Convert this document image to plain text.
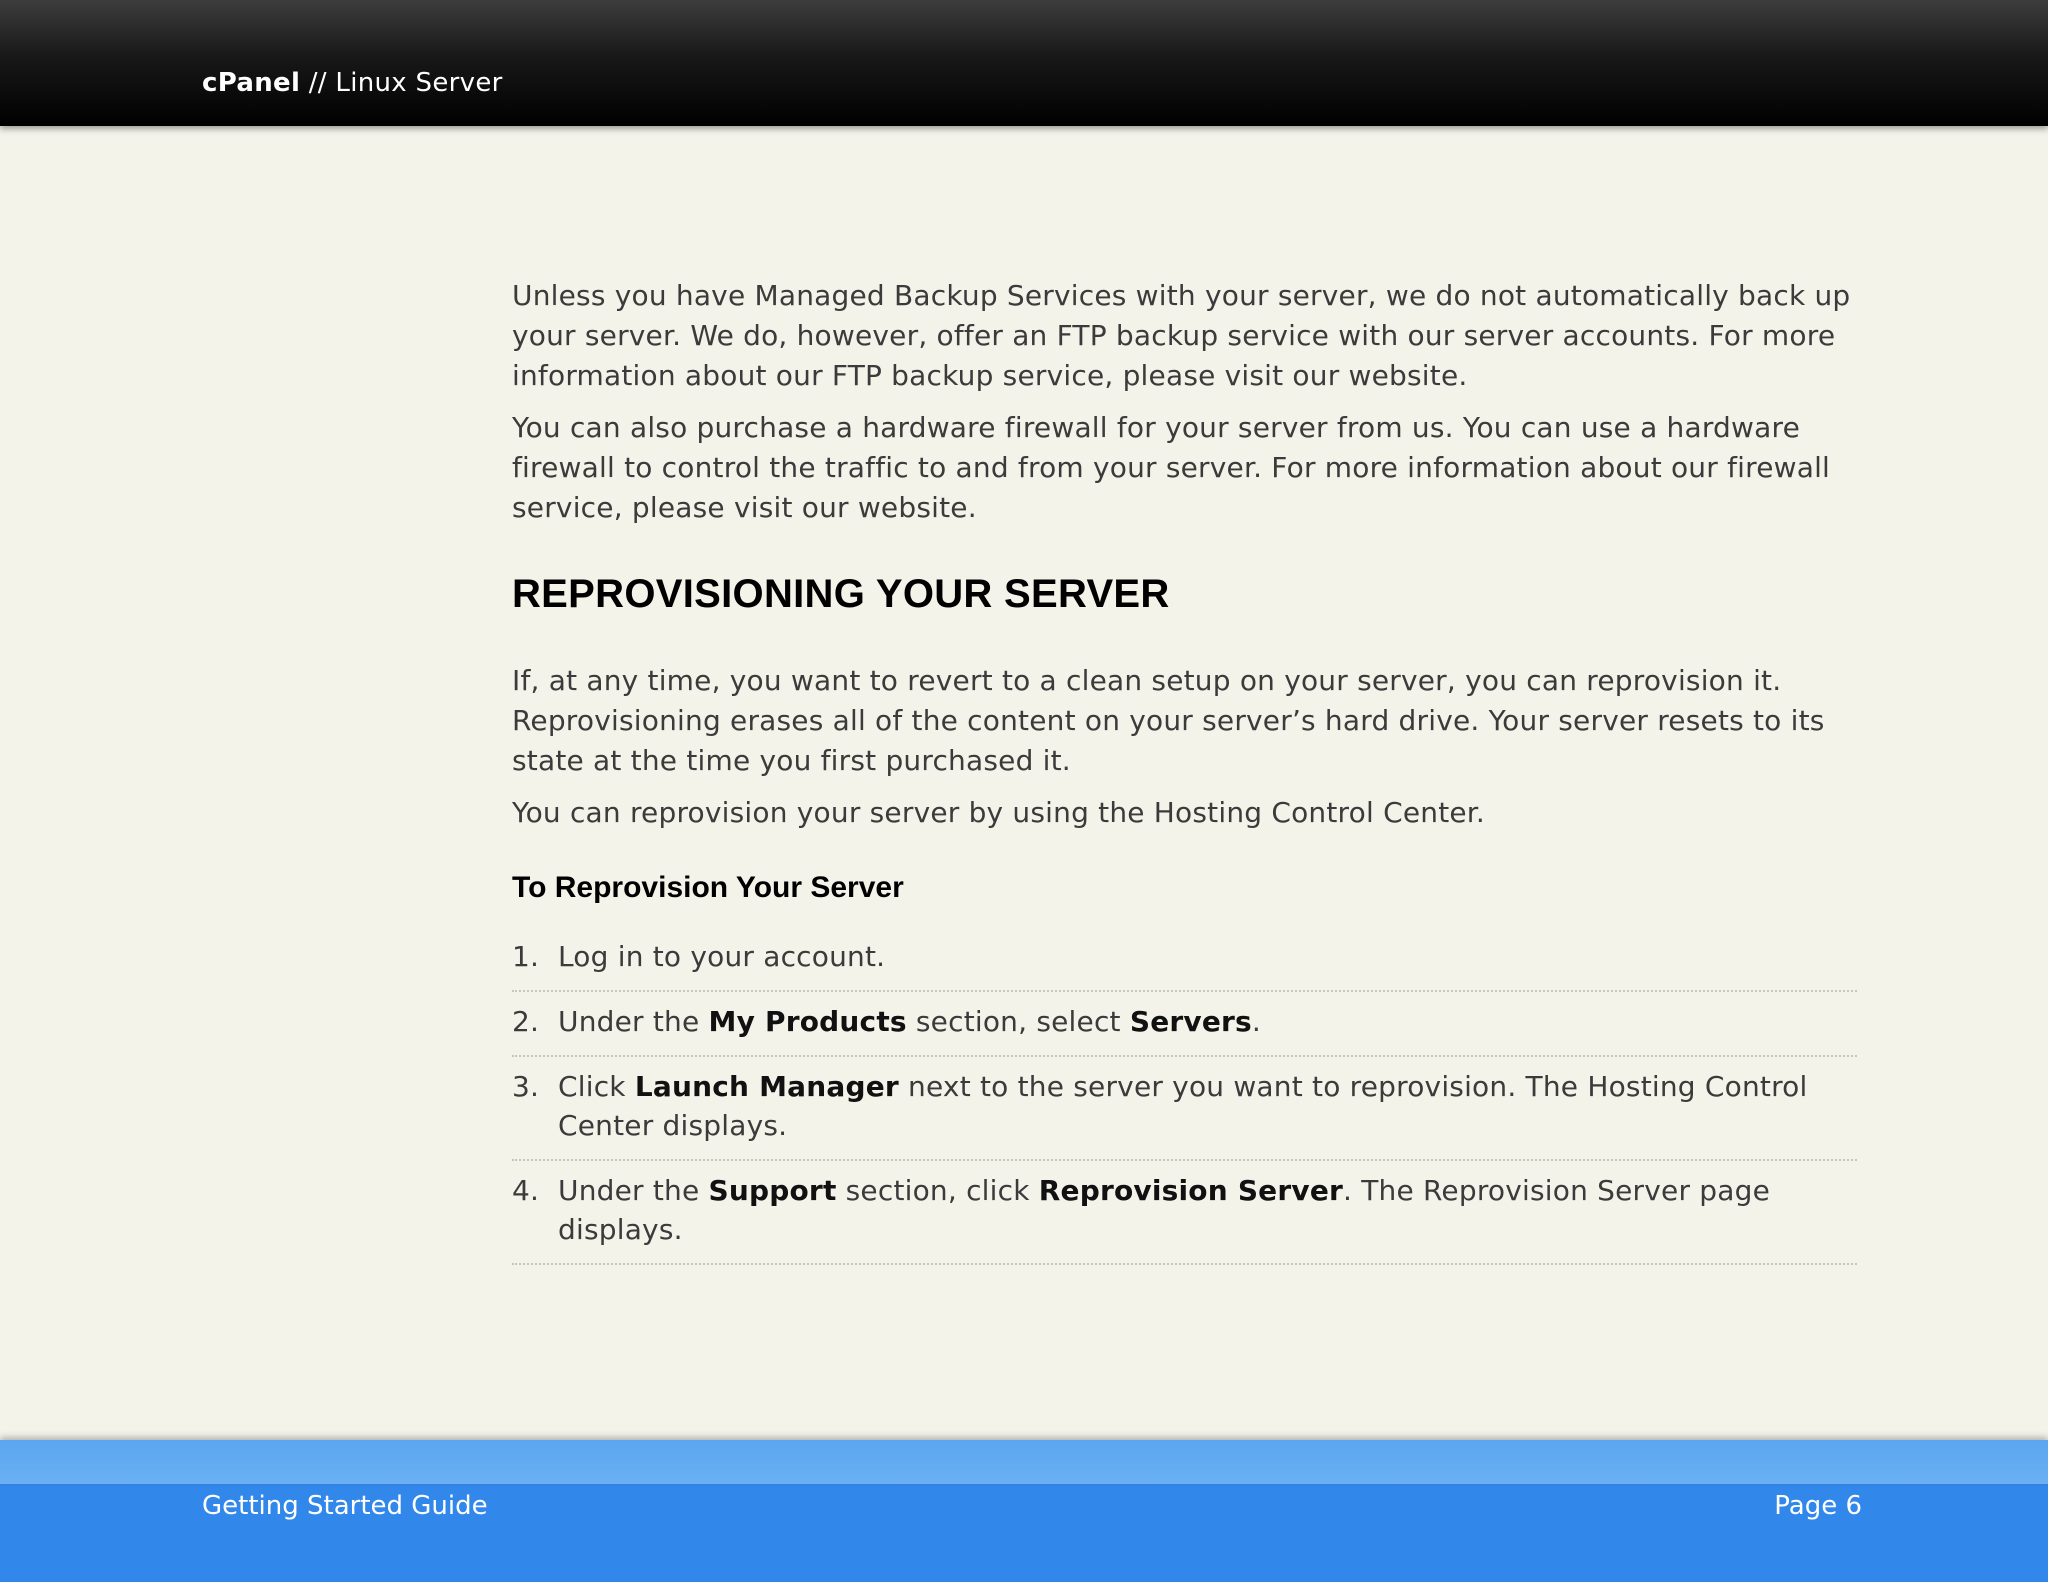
cPanel // Linux Server

Unless you have Managed Backup Services with your server, we do not automatically back up your server. We do, however, offer an FTP backup service with our server accounts. For more information about our FTP backup service, please visit our website.

You can also purchase a hardware firewall for your server from us. You can use a hardware firewall to control the traffic to and from your server. For more information about our firewall service, please visit our website.

REPROVISIONING YOUR SERVER

If, at any time, you want to revert to a clean setup on your server, you can reprovision it. Reprovisioning erases all of the content on your server’s hard drive. Your server resets to its state at the time you first purchased it.

You can reprovision your server by using the Hosting Control Center.

To Reprovision Your Server
1. Log in to your account.
2. Under the My Products section, select Servers.
3. Click Launch Manager next to the server you want to reprovision. The Hosting Control Center displays.
4. Under the Support section, click Reprovision Server. The Reprovision Server page displays.
Getting Started Guide	Page 6
